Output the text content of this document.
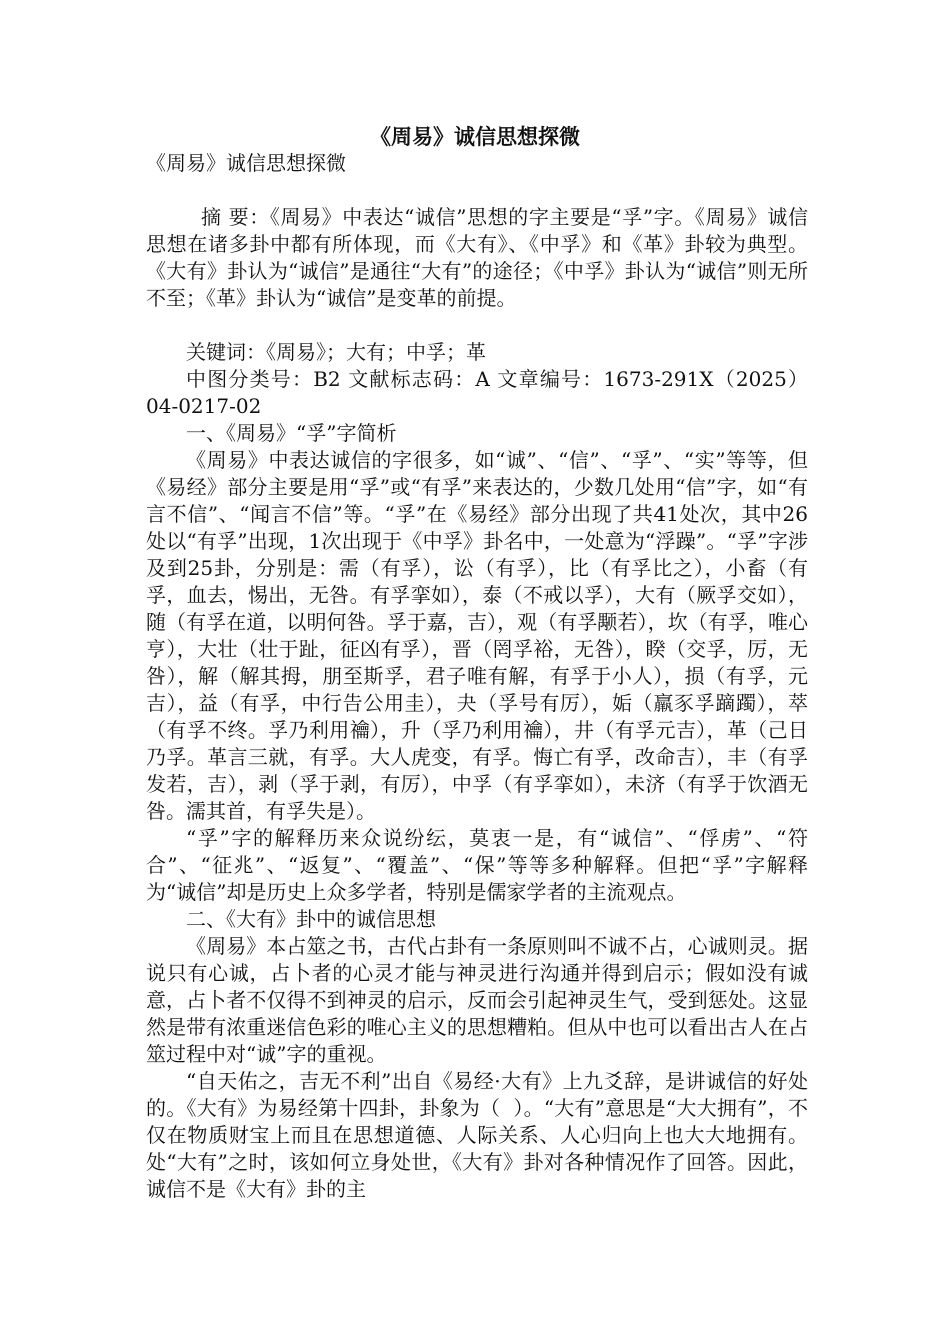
《周易》诚信思想探微

《周易》诚信思想探微

摘 要：《周易》中表达“诚信”思想的字主要是“孚”字。《周易》诚信思想在诸多卦中都有所体现，而《大有》、《中孚》和《革》卦较为典型。《大有》卦认为“诚信”是通往“大有”的途径；《中孚》卦认为“诚信”则无所不至；《革》卦认为“诚信”是变革的前提。

关键词：《周易》；大有；中孚；革

中图分类号：B2 文献标志码：A 文章编号：1673-291X（2025）04-0217-02

一、《周易》“孚”字简析

《周易》中表达诚信的字很多，如“诚”、“信”、“孚”、“实”等等，但《易经》部分主要是用“孚”或“有孚”来表达的，少数几处用“信”字，如“有言不信”、“闻言不信”等。“孚”在《易经》部分出现了共41处次，其中26处以“有孚”出现，1次出现于《中孚》卦名中，一处意为“浮躁”。“孚”字涉及到25卦，分别是：需（有孚），讼（有孚），比（有孚比之），小畜（有孚，血去，惕出，无咎。有孚挛如），泰（不戒以孚），大有（厥孚交如），随（有孚在道，以明何咎。孚于嘉，吉），观（有孚颙若），坎（有孚，唯心亨），大壮（壮于趾，征凶有孚），晋（罔孚裕，无咎），睽（交孚，厉，无咎），解（解其拇，朋至斯孚，君子唯有解，有孚于小人），损（有孚，元吉），益（有孚，中行告公用圭），夬（孚号有厉），姤（羸豕孚蹢躅），萃（有孚不终。孚乃利用禴），升（孚乃利用禴），井（有孚元吉），革（己日乃孚。革言三就，有孚。大人虎变，有孚。悔亡有孚，改命吉），丰（有孚发若，吉），剥（孚于剥，有厉），中孚（有孚挛如），未济（有孚于饮酒无咎。濡其首，有孚失是）。

“孚”字的解释历来众说纷纭，莫衷一是，有“诚信”、“俘虏”、“符合”、“征兆”、“返复”、“覆盖”、“保”等等多种解释。但把“孚”字解释为“诚信”却是历史上众多学者，特别是儒家学者的主流观点。

二、《大有》卦中的诚信思想

《周易》本占筮之书，古代占卦有一条原则叫不诚不占，心诚则灵。据说只有心诚，占卜者的心灵才能与神灵进行沟通并得到启示；假如没有诚意，占卜者不仅得不到神灵的启示，反而会引起神灵生气，受到惩处。这显然是带有浓重迷信色彩的唯心主义的思想糟粕。但从中也可以看出古人在占筮过程中对“诚”字的重视。

“自天佑之，吉无不利”出自《易经·大有》上九爻辞，是讲诚信的好处的。《大有》为易经第十四卦，卦象为（  ）。“大有”意思是“大大拥有”，不仅在物质财宝上而且在思想道德、人际关系、人心归向上也大大地拥有。处“大有”之时，该如何立身处世，《大有》卦对各种情况作了回答。因此，诚信不是《大有》卦的主
